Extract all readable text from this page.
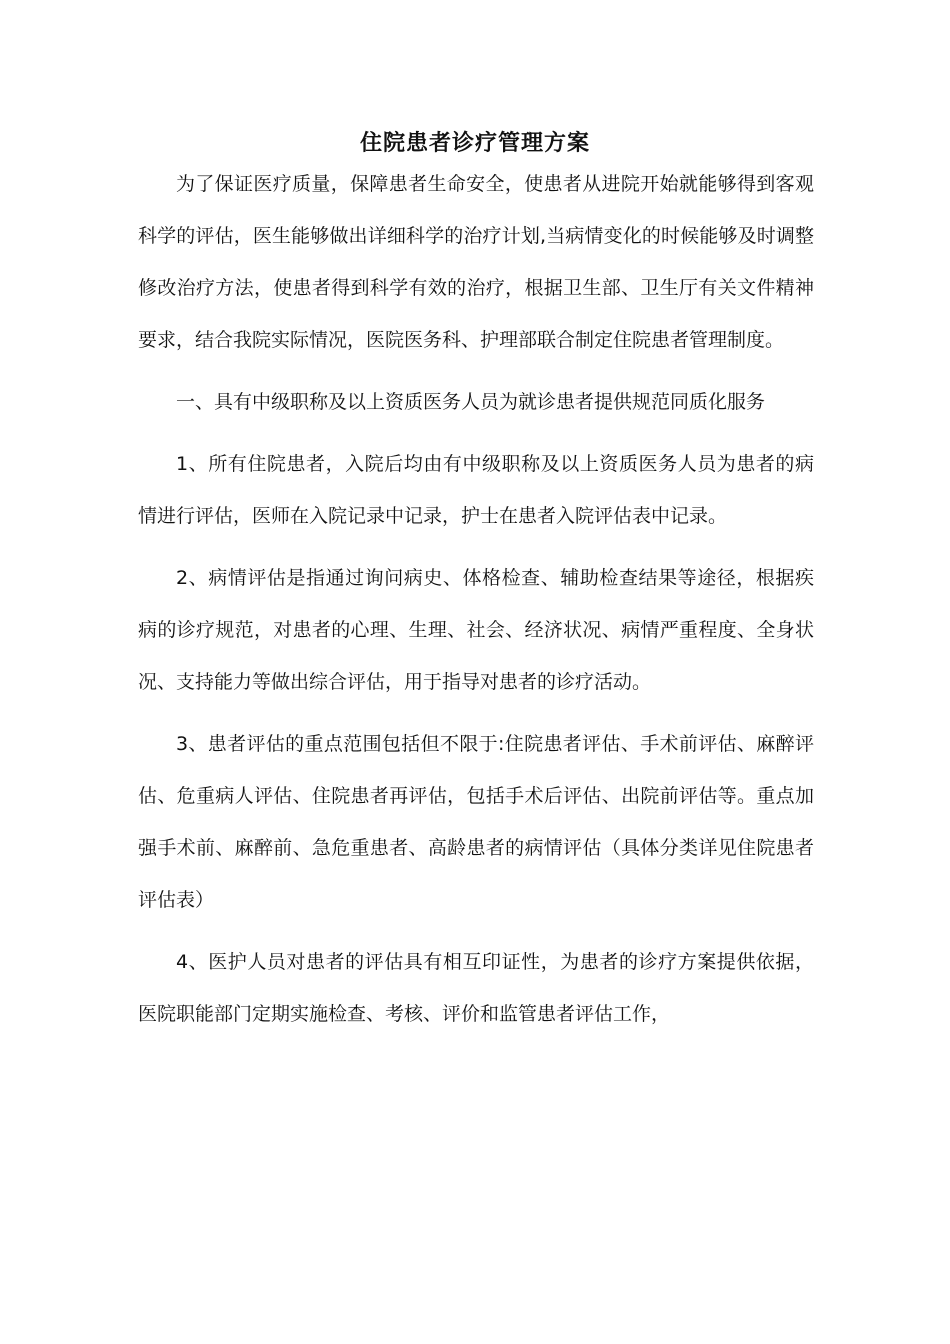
住院患者诊疗管理方案

为了保证医疗质量，保障患者生命安全，使患者从进院开始就能够得到客观科学的评估，医生能够做出详细科学的治疗计划,当病情变化的时候能够及时调整修改治疗方法，使患者得到科学有效的治疗，根据卫生部、卫生厅有关文件精神要求，结合我院实际情况，医院医务科、护理部联合制定住院患者管理制度。

一、具有中级职称及以上资质医务人员为就诊患者提供规范同质化服务

1、所有住院患者，入院后均由有中级职称及以上资质医务人员为患者的病情进行评估，医师在入院记录中记录，护士在患者入院评估表中记录。

2、病情评估是指通过询问病史、体格检查、辅助检查结果等途径，根据疾病的诊疗规范，对患者的心理、生理、社会、经济状况、病情严重程度、全身状况、支持能力等做出综合评估，用于指导对患者的诊疗活动。

3、患者评估的重点范围包括但不限于:住院患者评估、手术前评估、麻醉评估、危重病人评估、住院患者再评估，包括手术后评估、出院前评估等。重点加强手术前、麻醉前、急危重患者、高龄患者的病情评估（具体分类详见住院患者评估表）

4、医护人员对患者的评估具有相互印证性，为患者的诊疗方案提供依据，医院职能部门定期实施检查、考核、评价和监管患者评估工作，
